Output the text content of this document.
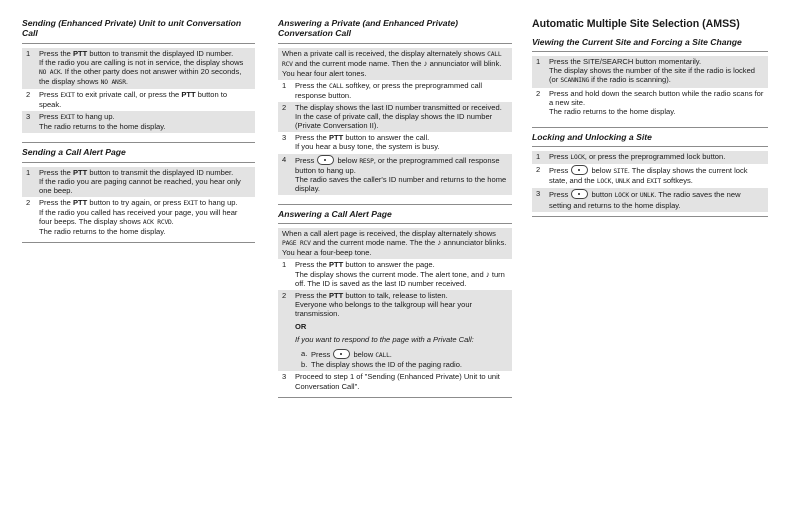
Sending (Enhanced Private) Unit to unit Conversation Call

1	Press the PTT button to transmit the displayed ID number.
If the radio you are calling is not in service, the display shows NO ACK. If the other party does not answer within 20 seconds, the display shows NO ANSR.
2	Press EXIT to exit private call, or press the PTT button to speak.
3	Press EXIT to hang up.
The radio returns to the home display.

Sending a Call Alert Page

1	Press the PTT button to transmit the displayed ID number.
If the radio you are paging cannot be reached, you hear only one beep.
2	Press the PTT button to try again, or press EXIT to hang up.
If the radio you called has received your page, you will hear four beeps. The display shows ACK RCVD.
The radio returns to the home display.

Answering a Private (and Enhanced Private) Conversation Call

When a private call is received, the display alternately shows CALL RCV and the current mode name. Then the ♪ annunciator will blink. You hear four alert tones.
1	Press the CALL softkey, or press the preprogrammed call response button.
2	The display shows the last ID number transmitted or received. In the case of private call, the display shows the ID number (Private Conversation II).
3	Press the PTT button to answer the call.
If you hear a busy tone, the system is busy.
4	Press	below RESP, or the preprogrammed call response button to hang up.
The radio saves the caller's ID number and returns to the home display.

Answering a Call Alert Page

When a call alert page is received, the display alternately shows PAGE RCV and the current mode name. The the ♪ annunciator blinks. You hear a four-beep tone.
1	Press the PTT button to answer the page.
The display shows the current mode. The alert tone, and ♪ turn off. The ID is saved as the last ID number received.
2	Press the PTT button to talk, release to listen.
Everyone who belongs to the talkgroup will hear your transmission.
OR
If you want to respond to the page with a Private Call:
a. Press	below CALL.
b. The display shows the ID of the paging radio.
3	Proceed to step 1 of "Sending (Enhanced Private) Unit to unit Conversation Call".

Automatic Multiple Site Selection (AMSS)

Viewing the Current Site and Forcing a Site Change

1	Press the SITE/SEARCH button momentarily.
The display shows the number of the site if the radio is locked (or SCANNING if the radio is scanning).
2	Press and hold down the search button while the radio scans for a new site.
The radio returns to the home display.

Locking and Unlocking a Site

1	Press LOCK, or press the preprogrammed lock button.
2	Press	below SITE. The display shows the current lock state, and the LOCK, UNLK and EXIT softkeys.
3	Press	button LOCK or UNLK. The radio saves the new setting and returns to the home display.
